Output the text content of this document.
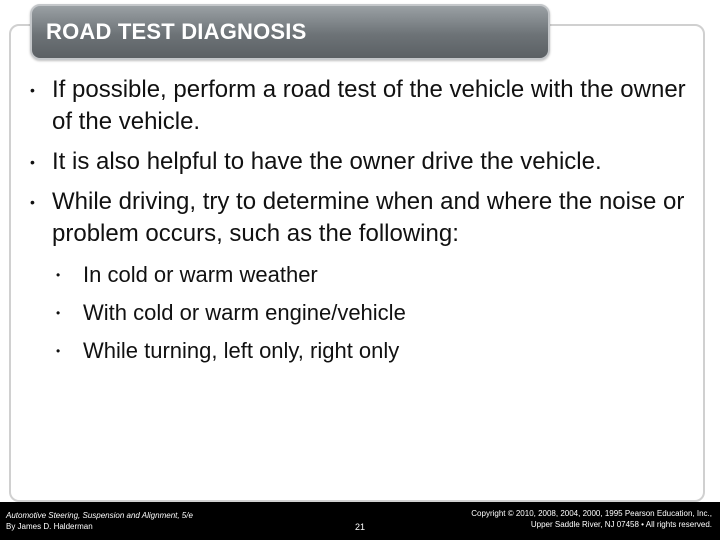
ROAD TEST DIAGNOSIS
• If possible, perform a road test of the vehicle with the owner of the vehicle.
• It is also helpful to have the owner drive the vehicle.
• While driving, try to determine when and where the noise or problem occurs, such as the following:
• In cold or warm weather
• With cold or warm engine/vehicle
• While turning, left only, right only
Automotive Steering, Suspension and Alignment, 5/e
By James D. Halderman	21
Copyright © 2010, 2008, 2004, 2000, 1995 Pearson Education, Inc.,
Upper Saddle River, NJ 07458 • All rights reserved.
